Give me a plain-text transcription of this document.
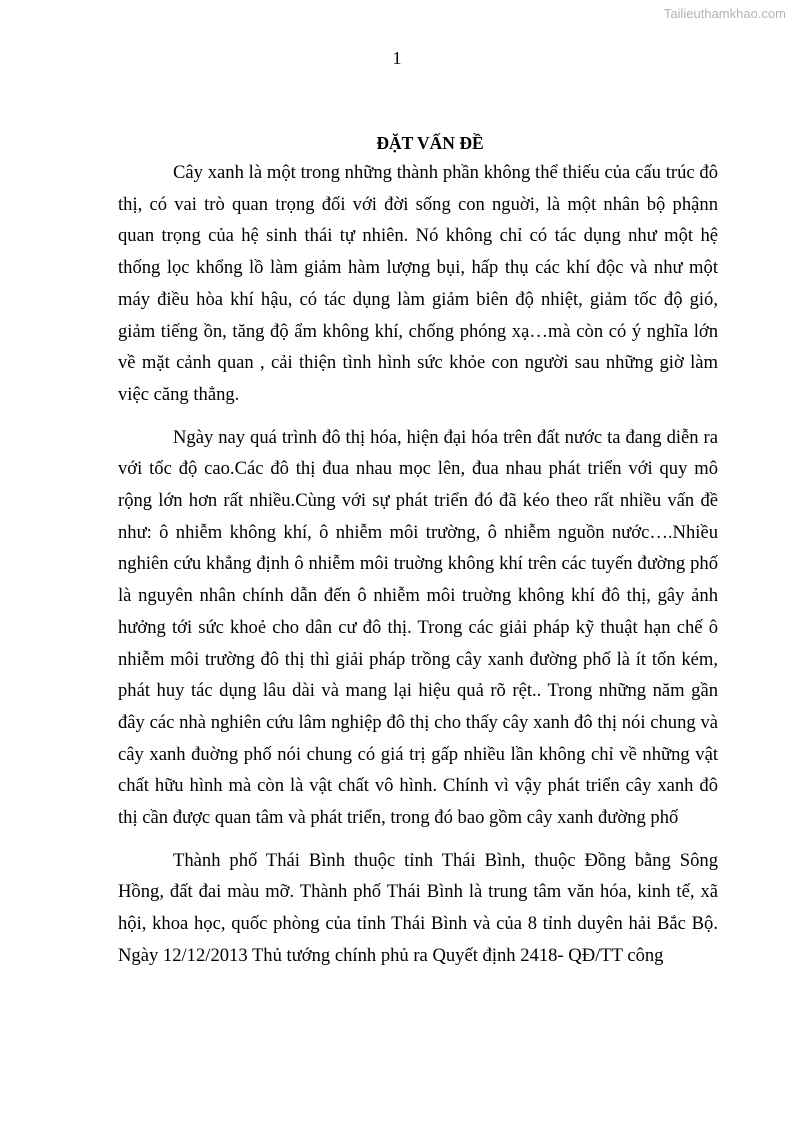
Tailieuthamkhao.com
1
ĐẶT VẤN ĐỀ

Cây xanh là một trong những thành phần không thể thiếu của cấu trúc đô thị, có vai trò quan trọng đối với đời sống con nguời, là một nhân bộ phậnn quan trọng của hệ sinh thái tự nhiên. Nó không chỉ có tác dụng như một hệ thống lọc khổng lồ làm giảm hàm lượng bụi, hấp thụ các khí độc và như một máy điều hòa khí hậu, có tác dụng làm giảm biên độ nhiệt, giảm tốc độ gió, giảm tiếng ồn, tăng độ ẩm không khí, chống phóng xạ…mà còn có ý nghĩa lớn về mặt cảnh quan , cải thiện tình hình sức khỏe con người sau những giờ làm việc căng thẳng.

Ngày nay quá trình đô thị hóa, hiện đại hóa trên đất nước ta đang diễn ra với tốc độ cao.Các đô thị đua nhau mọc lên, đua nhau phát triển với quy mô rộng lớn hơn rất nhiều.Cùng với sự phát triển đó đã kéo theo rất nhiều vấn đề như: ô nhiễm không khí, ô nhiễm môi trường, ô nhiễm nguồn nước….Nhiều nghiên cứu khẳng định ô nhiễm môi truờng không khí trên các tuyến đường phố là nguyên nhân chính dẫn đến ô nhiễm môi truờng không khí đô thị, gây ảnh hưởng tới sức khoẻ cho dân cư đô thị. Trong các giải pháp kỹ thuật hạn chế ô nhiễm môi trường đô thị thì giải pháp trồng cây xanh đường phố là ít tốn kém, phát huy tác dụng lâu dài và mang lại hiệu quả rõ rệt.. Trong những năm gần đây các nhà nghiên cứu lâm nghiệp đô thị cho thấy cây xanh đô thị nói chung và cây xanh đuờng phố nói chung có giá trị gấp nhiều lần không chỉ về những vật chất hữu hình mà còn là vật chất vô hình. Chính vì vậy phát triển cây xanh đô thị cần được quan tâm và phát triển, trong đó bao gồm cây xanh đường phố

Thành phố Thái Bình thuộc tỉnh Thái Bình, thuộc Đồng bằng Sông Hồng, đất đai màu mỡ. Thành phố Thái Bình là trung tâm văn hóa, kinh tế, xã hội, khoa học, quốc phòng của tỉnh Thái Bình và của 8 tỉnh duyên hải Bắc Bộ. Ngày 12/12/2013 Thủ tướng chính phủ ra Quyết định 2418- QĐ/TT công
